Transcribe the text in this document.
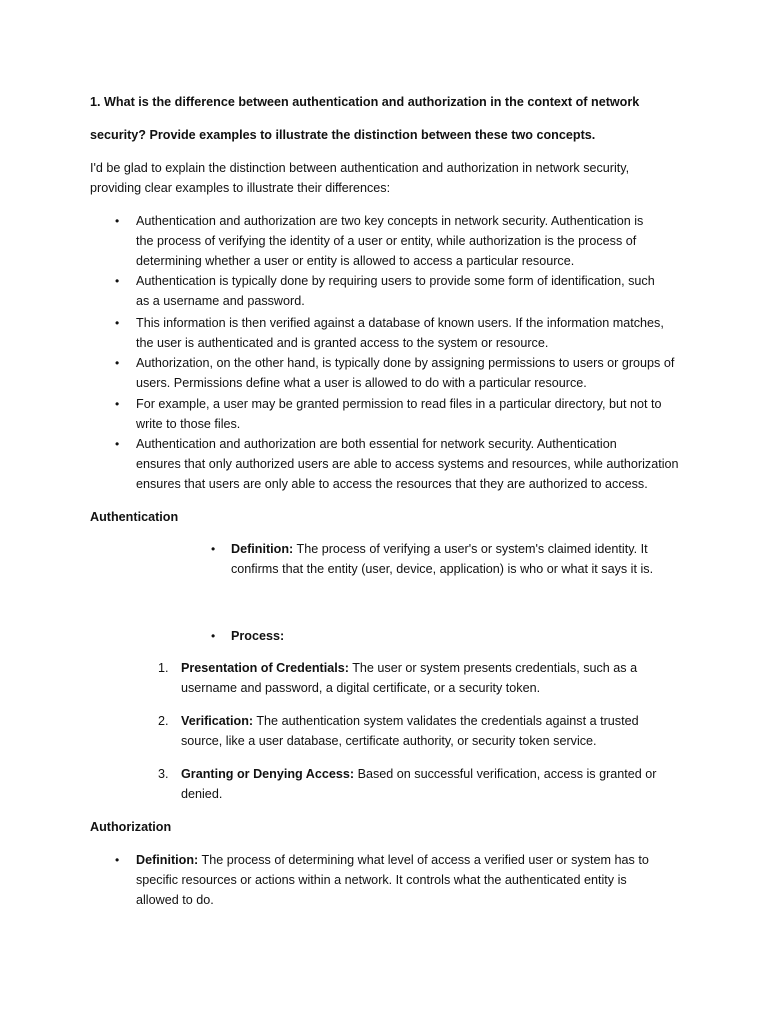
1. What is the difference between authentication and authorization in the context of network
security? Provide examples to illustrate the distinction between these two concepts.
I'd be glad to explain the distinction between authentication and authorization in network security,
providing clear examples to illustrate their differences:
•
Authentication and authorization are two key concepts in network security. Authentication is
the process of verifying the identity of a user or entity, while authorization is the process of
determining whether a user or entity is allowed to access a particular resource.
•
Authentication is typically done by requiring users to provide some form of identification, such
as a username and password.
•
This information is then verified against a database of known users. If the information matches,
the user is authenticated and is granted access to the system or resource.
•
Authorization, on the other hand, is typically done by assigning permissions to users or groups of
users. Permissions define what a user is allowed to do with a particular resource.
•
For example, a user may be granted permission to read files in a particular directory, but not to
write to those files.
•
Authentication and authorization are both essential for network security. Authentication
ensures that only authorized users are able to access systems and resources, while authorization
ensures that users are only able to access the resources that they are authorized to access.
Authentication
•
Definition: The process of verifying a user's or system's claimed identity. It
confirms that the entity (user, device, application) is who or what it says it is.
•
Process:
1. Presentation of Credentials: The user or system presents credentials, such as a
username and password, a digital certificate, or a security token.
2. Verification: The authentication system validates the credentials against a trusted
source, like a user database, certificate authority, or security token service.
3. Granting or Denying Access: Based on successful verification, access is granted or
denied.
Authorization
•
Definition: The process of determining what level of access a verified user or system has to
specific resources or actions within a network. It controls what the authenticated entity is
allowed to do.
